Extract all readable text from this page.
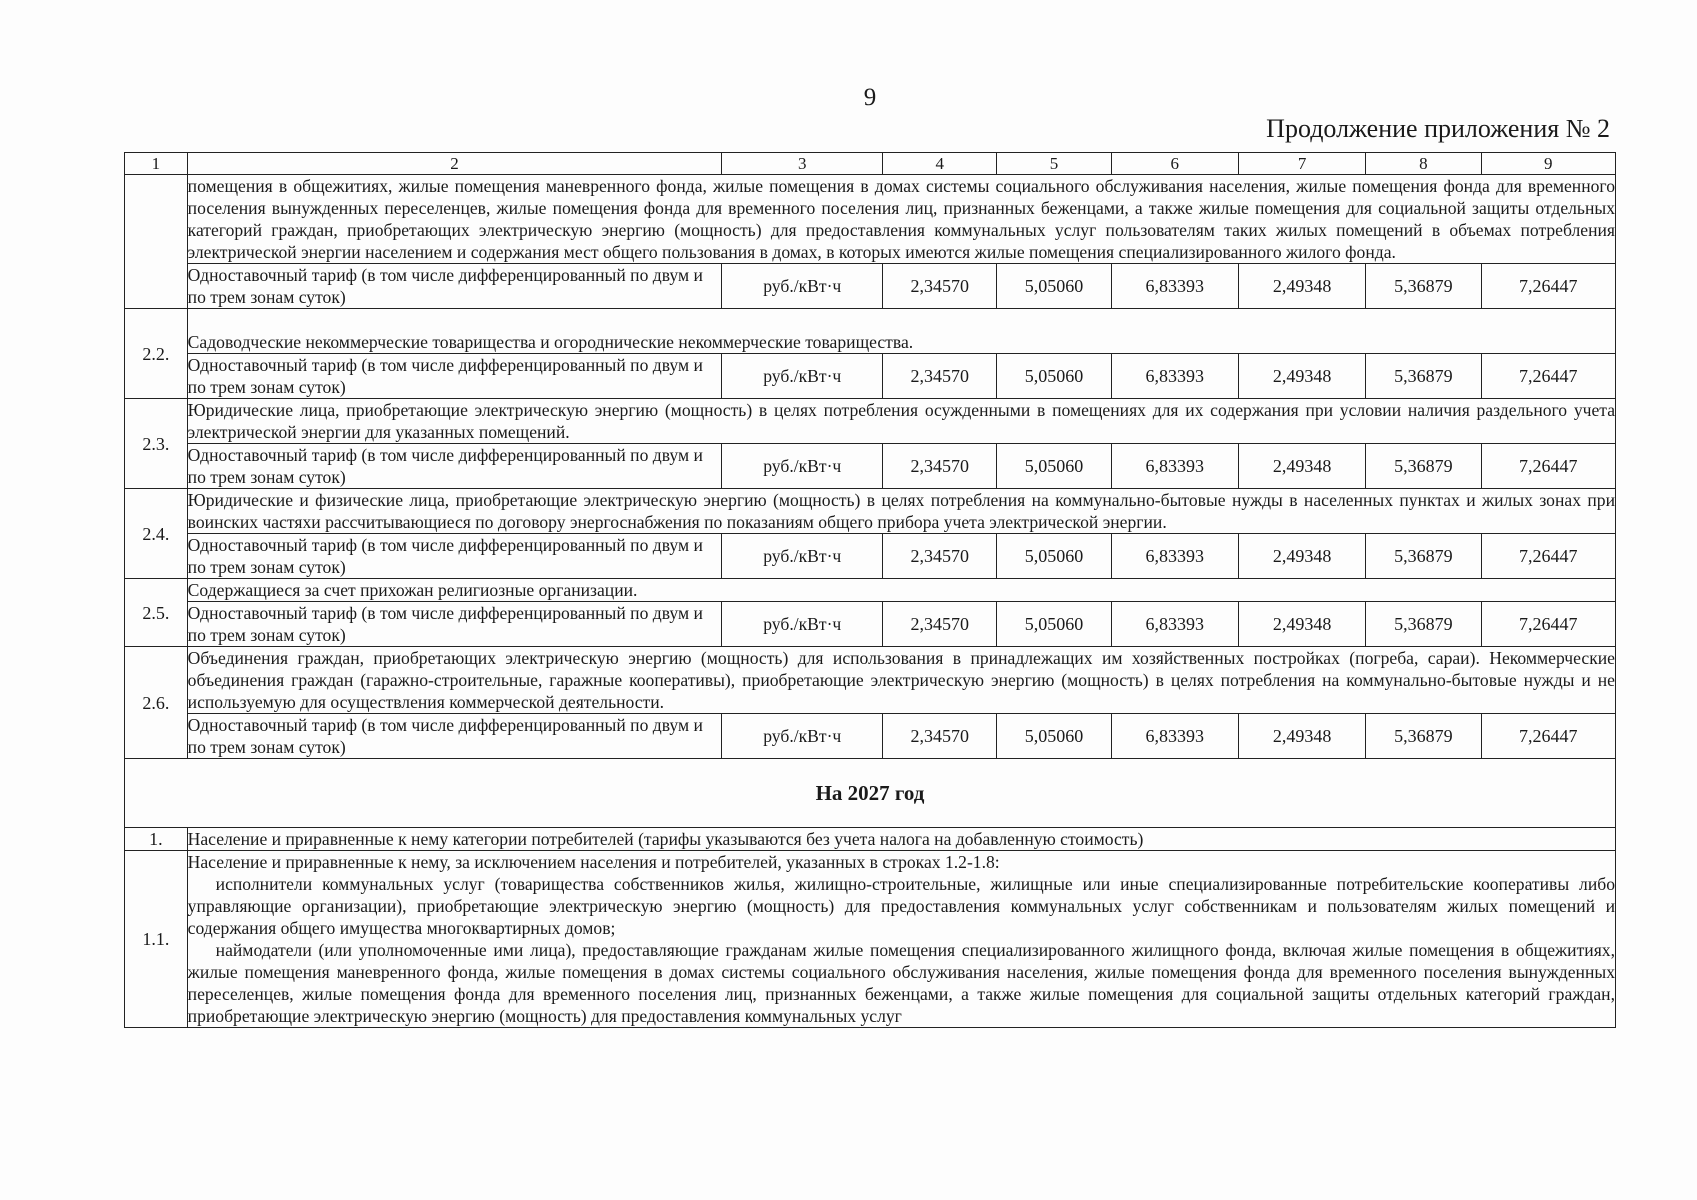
9
Продолжение приложения № 2
1	2	3	4	5	6	7	8	9
	помещения в общежитиях, жилые помещения маневренного фонда, жилые помещения в домах системы социального обслуживания населения, жилые помещения фонда для временного поселения вынужденных переселенцев, жилые помещения фонда для временного поселения лиц, признанных беженцами, а также жилые помещения для социальной защиты отдельных категорий граждан, приобретающих электрическую энергию (мощность) для предоставления коммунальных услуг пользователям таких жилых помещений в объемах потребления электрической энергии населением и содержания мест общего пользования в домах, в которых имеются жилые помещения специализированного жилого фонда.							
	Одноставочный тариф (в том числе дифференцированный по двум и по трем зонам суток)	руб./кВт·ч	2,34570	5,05060	6,83393	2,49348	5,36879	7,26447
2.2.	Садоводческие некоммерческие товарищества и огороднические некоммерческие товарищества.							
	Одноставочный тариф (в том числе дифференцированный по двум и по трем зонам суток)	руб./кВт·ч	2,34570	5,05060	6,83393	2,49348	5,36879	7,26447
2.3.	Юридические лица, приобретающие электрическую энергию (мощность) в целях потребления осужденными в помещениях для их содержания при условии наличия раздельного учета электрической энергии для указанных помещений.							
	Одноставочный тариф (в том числе дифференцированный по двум и по трем зонам суток)	руб./кВт·ч	2,34570	5,05060	6,83393	2,49348	5,36879	7,26447
2.4.	Юридические и физические лица, приобретающие электрическую энергию (мощность) в целях потребления на коммунально-бытовые нужды в населенных пунктах и жилых зонах при воинских частяхи рассчитывающиеся по договору энергоснабжения по показаниям общего прибора учета электрической энергии.							
	Одноставочный тариф (в том числе дифференцированный по двум и по трем зонам суток)	руб./кВт·ч	2,34570	5,05060	6,83393	2,49348	5,36879	7,26447
2.5.	Содержащиеся за счет прихожан религиозные организации.							
	Одноставочный тариф (в том числе дифференцированный по двум и по трем зонам суток)	руб./кВт·ч	2,34570	5,05060	6,83393	2,49348	5,36879	7,26447
2.6.	Объединения граждан, приобретающих электрическую энергию (мощность) для использования в принадлежащих им хозяйственных постройках (погреба, сараи). Некоммерческие объединения граждан (гаражно-строительные, гаражные кооперативы), приобретающие электрическую энергию (мощность) в целях потребления на коммунально-бытовые нужды и не используемую для осуществления коммерческой деятельности.							
	Одноставочный тариф (в том числе дифференцированный по двум и по трем зонам суток)	руб./кВт·ч	2,34570	5,05060	6,83393	2,49348	5,36879	7,26447
На 2027 год								
1.	Население и приравненные к нему категории потребителей (тарифы указываются без учета налога на добавленную стоимость)							
1.1.	Население и приравненные к нему, за исключением населения и потребителей, указанных в строках 1.2-1.8:
исполнители коммунальных услуг (товарищества собственников жилья, жилищно-строительные, жилищные или иные специализированные потребительские кооперативы либо управляющие организации), приобретающие электрическую энергию (мощность) для предоставления коммунальных услуг собственникам и пользователям жилых помещений и содержания общего имущества многоквартирных домов;
наймодатели (или уполномоченные ими лица), предоставляющие гражданам жилые помещения специализированного жилищного фонда, включая жилые помещения в общежитиях, жилые помещения маневренного фонда, жилые помещения в домах системы социального обслуживания населения, жилые помещения фонда для временного поселения вынужденных переселенцев, жилые помещения фонда для временного поселения лиц, признанных беженцами, а также жилые помещения для социальной защиты отдельных категорий граждан, приобретающие электрическую энергию (мощность) для предоставления коммунальных услуг							
